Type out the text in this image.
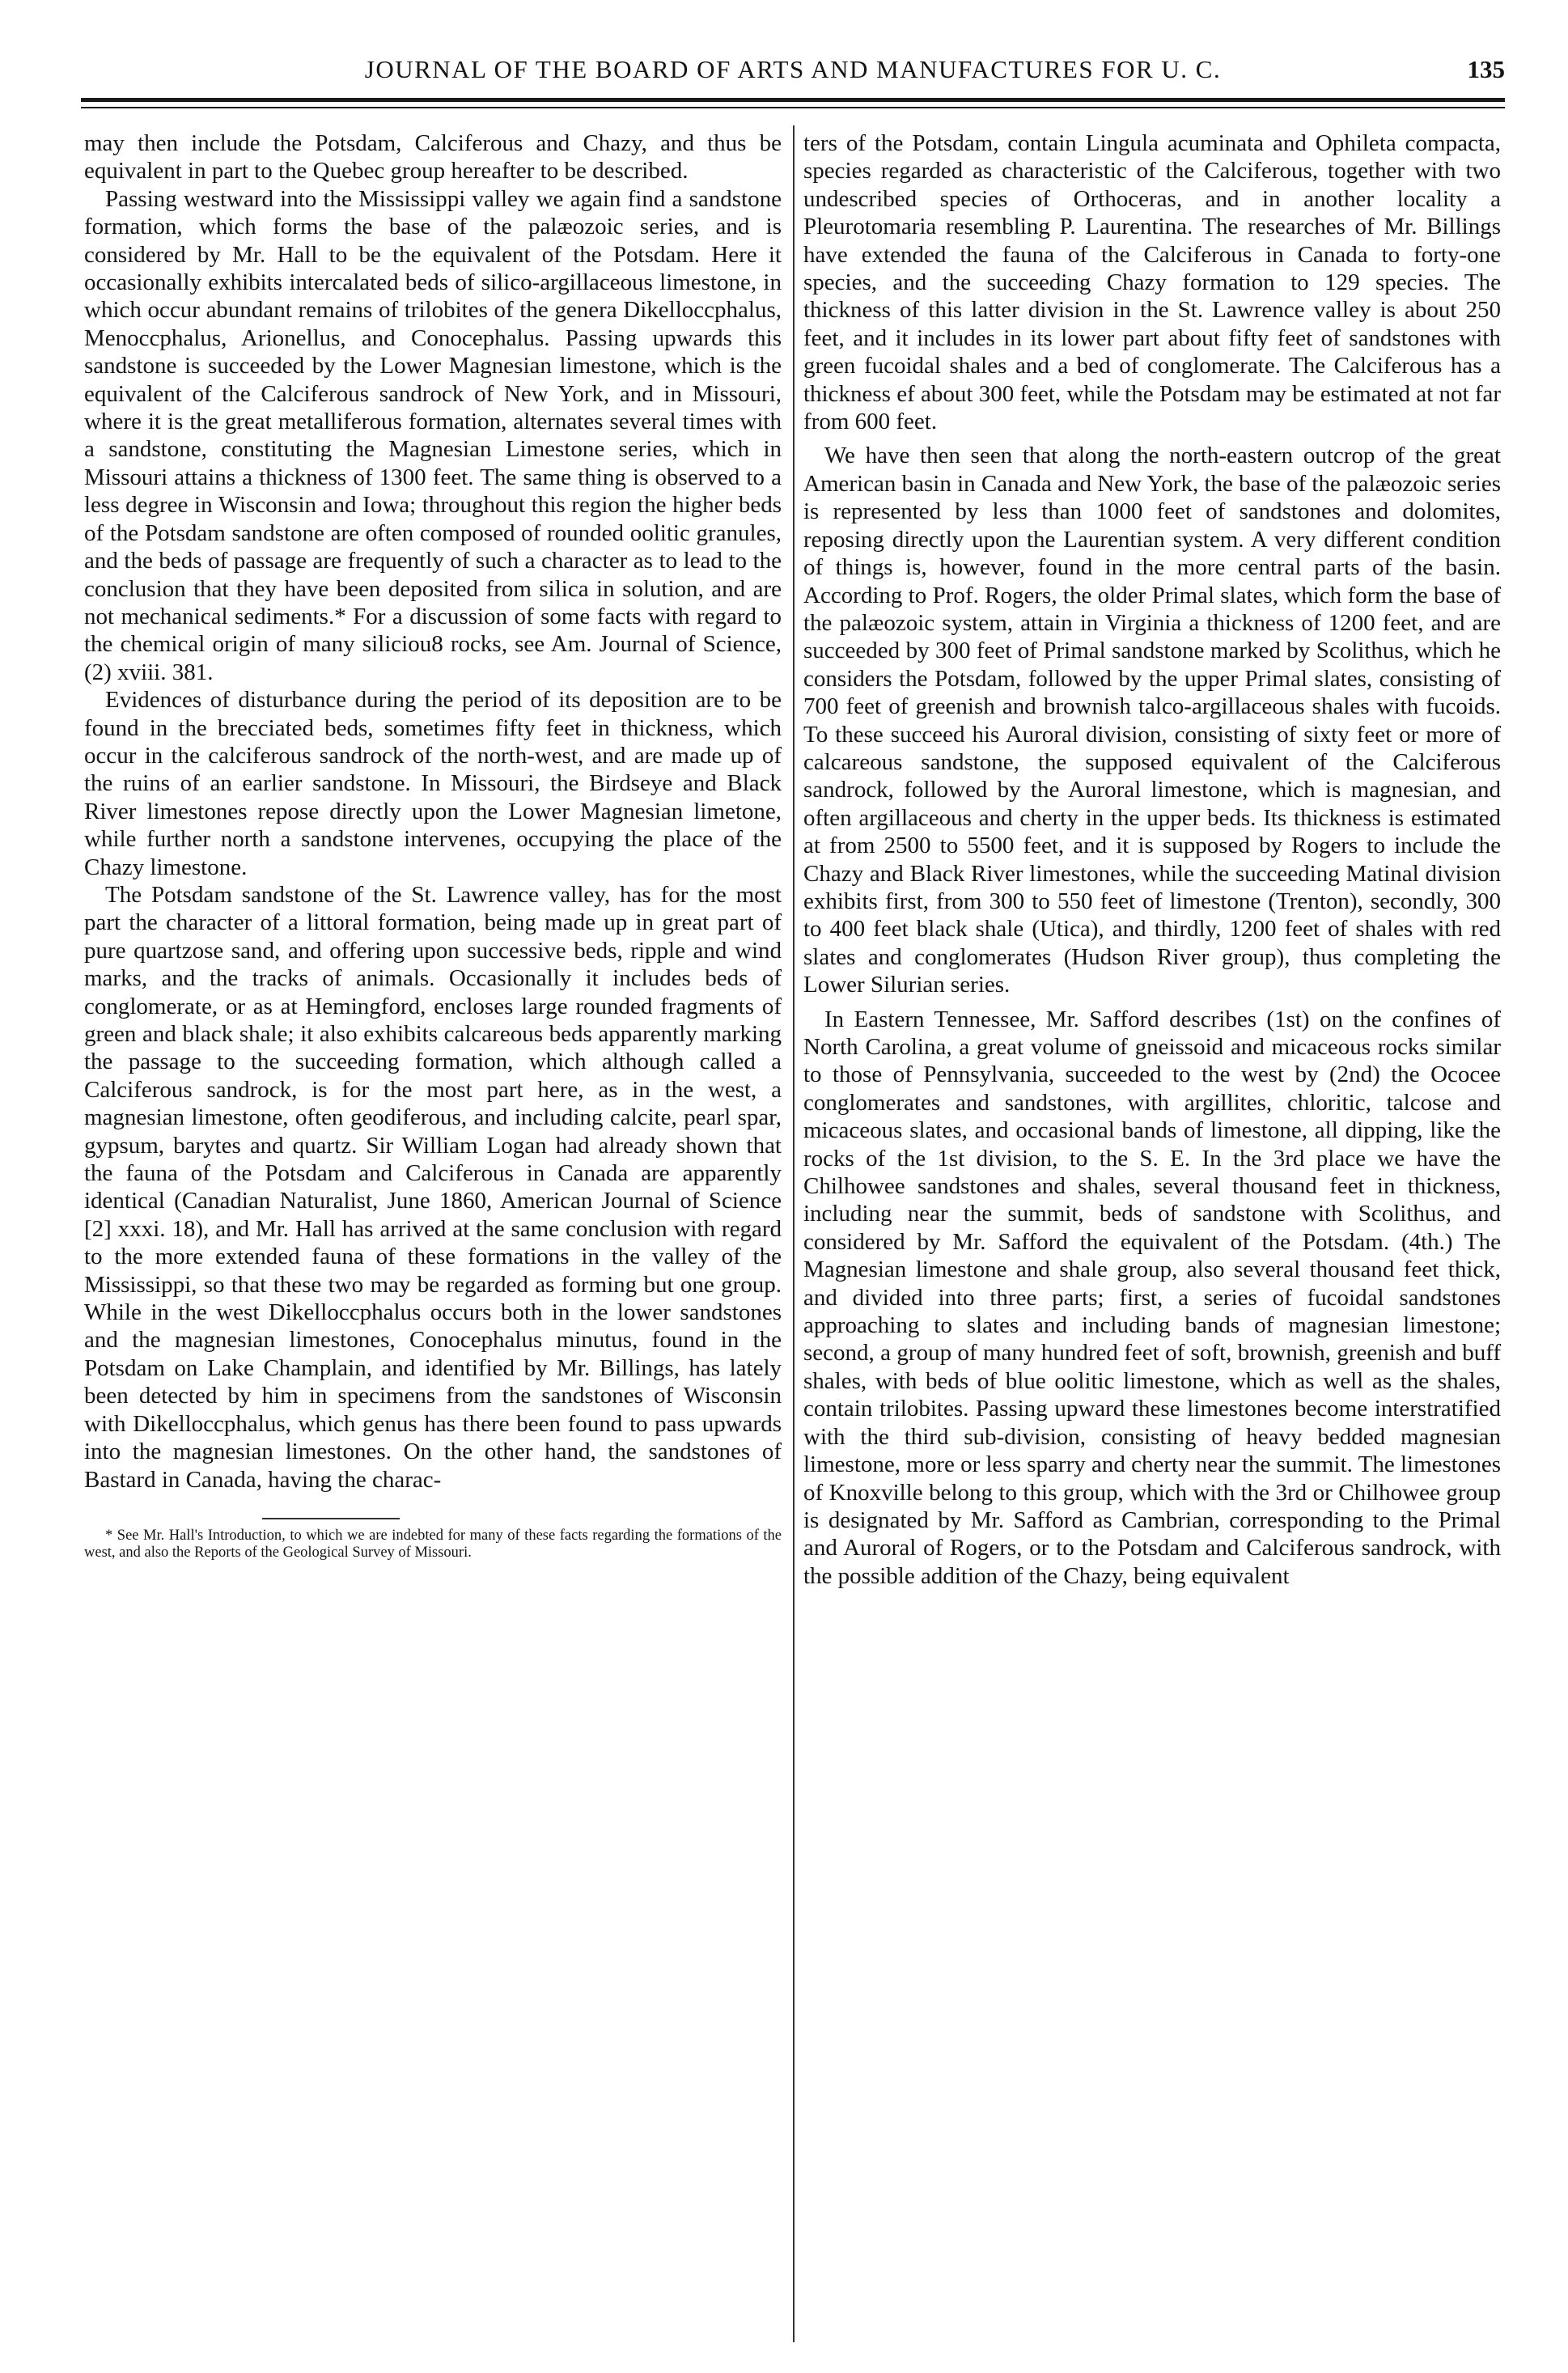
JOURNAL OF THE BOARD OF ARTS AND MANUFACTURES FOR U. C.	135

may then include the Potsdam, Calciferous and Chazy, and thus be equivalent in part to the Quebec group hereafter to be described.

Passing westward into the Mississippi valley we again find a sandstone formation, which forms the base of the palæozoic series, and is considered by Mr. Hall to be the equivalent of the Potsdam. Here it occasionally exhibits intercalated beds of silico-argillaceous limestone, in which occur abundant remains of trilobites of the genera Dikelloccphalus, Menoccphalus, Arionellus, and Conocephalus. Passing upwards this sandstone is succeeded by the Lower Magnesian limestone, which is the equivalent of the Calciferous sandrock of New York, and in Missouri, where it is the great metalliferous formation, alternates several times with a sandstone, constituting the Magnesian Limestone series, which in Missouri attains a thickness of 1300 feet. The same thing is observed to a less degree in Wisconsin and Iowa; throughout this region the higher beds of the Potsdam sandstone are often composed of rounded oolitic granules, and the beds of passage are frequently of such a character as to lead to the conclusion that they have been deposited from silica in solution, and are not mechanical sediments.* For a discussion of some facts with regard to the chemical origin of many siliciou8 rocks, see Am. Journal of Science, (2) xviii. 381.

Evidences of disturbance during the period of its deposition are to be found in the brecciated beds, sometimes fifty feet in thickness, which occur in the calciferous sandrock of the north-west, and are made up of the ruins of an earlier sandstone. In Missouri, the Birdseye and Black River limestones repose directly upon the Lower Magnesian limetone, while further north a sandstone intervenes, occupying the place of the Chazy limestone.

The Potsdam sandstone of the St. Lawrence valley, has for the most part the character of a littoral formation, being made up in great part of pure quartzose sand, and offering upon successive beds, ripple and wind marks, and the tracks of animals. Occasionally it includes beds of conglomerate, or as at Hemingford, encloses large rounded fragments of green and black shale; it also exhibits calcareous beds apparently marking the passage to the succeeding formation, which although called a Calciferous sandrock, is for the most part here, as in the west, a magnesian limestone, often geodiferous, and including calcite, pearl spar, gypsum, barytes and quartz. Sir William Logan had already shown that the fauna of the Potsdam and Calciferous in Canada are apparently identical (Canadian Naturalist, June 1860, American Journal of Science [2] xxxi. 18), and Mr. Hall has arrived at the same conclusion with regard to the more extended fauna of these formations in the valley of the Mississippi, so that these two may be regarded as forming but one group. While in the west Dikelloccphalus occurs both in the lower sandstones and the magnesian limestones, Conocephalus minutus, found in the Potsdam on Lake Champlain, and identified by Mr. Billings, has lately been detected by him in specimens from the sandstones of Wisconsin with Dikelloccphalus, which genus has there been found to pass upwards into the magnesian limestones. On the other hand, the sandstones of Bastard in Canada, having the charac-

* See Mr. Hall's Introduction, to which we are indebted for many of these facts regarding the formations of the west, and also the Reports of the Geological Survey of Missouri.

ters of the Potsdam, contain Lingula acuminata and Ophileta compacta, species regarded as characteristic of the Calciferous, together with two undescribed species of Orthoceras, and in another locality a Pleurotomaria resembling P. Laurentina. The researches of Mr. Billings have extended the fauna of the Calciferous in Canada to forty-one species, and the succeeding Chazy formation to 129 species. The thickness of this latter division in the St. Lawrence valley is about 250 feet, and it includes in its lower part about fifty feet of sandstones with green fucoidal shales and a bed of conglomerate. The Calciferous has a thickness ef about 300 feet, while the Potsdam may be estimated at not far from 600 feet.

We have then seen that along the north-eastern outcrop of the great American basin in Canada and New York, the base of the palæozoic series is represented by less than 1000 feet of sandstones and dolomites, reposing directly upon the Laurentian system. A very different condition of things is, however, found in the more central parts of the basin. According to Prof. Rogers, the older Primal slates, which form the base of the palæozoic system, attain in Virginia a thickness of 1200 feet, and are succeeded by 300 feet of Primal sandstone marked by Scolithus, which he considers the Potsdam, followed by the upper Primal slates, consisting of 700 feet of greenish and brownish talco-argillaceous shales with fucoids. To these succeed his Auroral division, consisting of sixty feet or more of calcareous sandstone, the supposed equivalent of the Calciferous sandrock, followed by the Auroral limestone, which is magnesian, and often argillaceous and cherty in the upper beds. Its thickness is estimated at from 2500 to 5500 feet, and it is supposed by Rogers to include the Chazy and Black River limestones, while the succeeding Matinal division exhibits first, from 300 to 550 feet of limestone (Trenton), secondly, 300 to 400 feet black shale (Utica), and thirdly, 1200 feet of shales with red slates and conglomerates (Hudson River group), thus completing the Lower Silurian series.

In Eastern Tennessee, Mr. Safford describes (1st) on the confines of North Carolina, a great volume of gneissoid and micaceous rocks similar to those of Pennsylvania, succeeded to the west by (2nd) the Ococee conglomerates and sandstones, with argillites, chloritic, talcose and micaceous slates, and occasional bands of limestone, all dipping, like the rocks of the 1st division, to the S. E. In the 3rd place we have the Chilhowee sandstones and shales, several thousand feet in thickness, including near the summit, beds of sandstone with Scolithus, and considered by Mr. Safford the equivalent of the Potsdam. (4th.) The Magnesian limestone and shale group, also several thousand feet thick, and divided into three parts; first, a series of fucoidal sandstones approaching to slates and including bands of magnesian limestone; second, a group of many hundred feet of soft, brownish, greenish and buff shales, with beds of blue oolitic limestone, which as well as the shales, contain trilobites. Passing upward these limestones become interstratified with the third sub-division, consisting of heavy bedded magnesian limestone, more or less sparry and cherty near the summit. The limestones of Knoxville belong to this group, which with the 3rd or Chilhowee group is designated by Mr. Safford as Cambrian, corresponding to the Primal and Auroral of Rogers, or to the Potsdam and Calciferous sandrock, with the possible addition of the Chazy, being equivalent
